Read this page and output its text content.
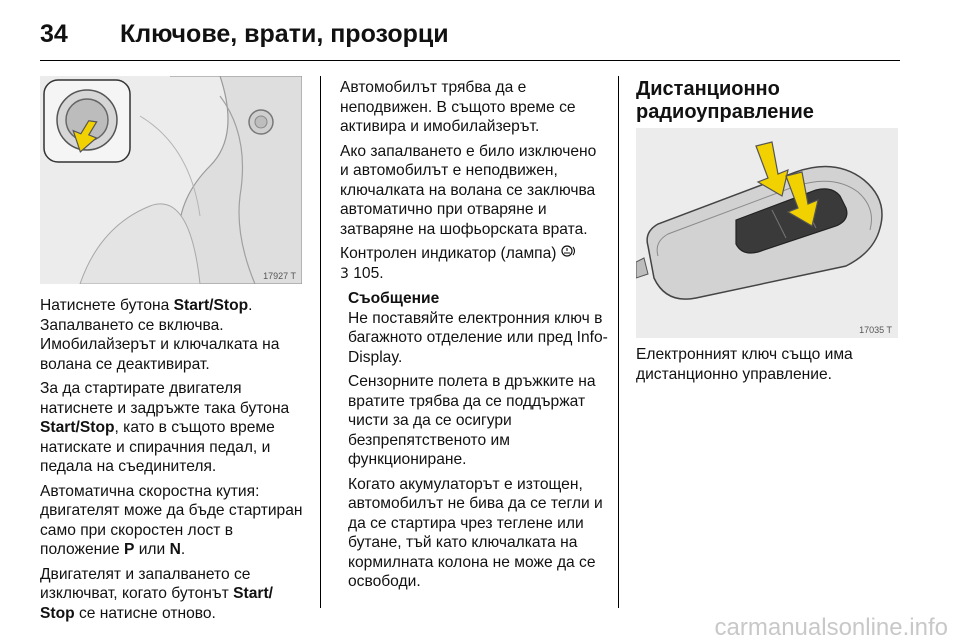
34	Ключове, врати, прозорци
17927 T

Натиснете бутона Start/Stop. Запалването се включва. Имобилайзерът и ключалката на волана се деактивират.

За да стартирате двигателя натиснете и задръжте така бутона Start/Stop, като в същото време натискате и спирачния педал, и педала на съединителя.

Автоматична скоростна кутия: двигателят може да бъде стартиран само при скоростен лост в положение P или N.

Двигателят и запалването се изключват, когато бутонът Start/ Stop се натисне отново.

Автомобилът трябва да е неподвижен. В същото време се активира и имобилайзерът.

Ако запалването е било изключено и автомобилът е неподвижен, ключалката на волана се заключва автоматично при отваряне и затваряне на шофьорската врата.

Контролен индикатор (лампа)
3 105.

Съобщение

Не поставяйте електронния ключ в багажното отделение или пред Info-Display.

Сензорните полета в дръжките на вратите трябва да се поддържат чисти за да се осигури безпрепятственото им функциониране.

Когато акумулаторът е изтощен, автомобилът не бива да се тегли и да се стартира чрез теглене или бутане, тъй като ключалката на кормилната колона не може да се освободи.

Дистанционно радиоуправление
17035 T

Електронният ключ също има дистанционно управление.

carmanualsonline.info
